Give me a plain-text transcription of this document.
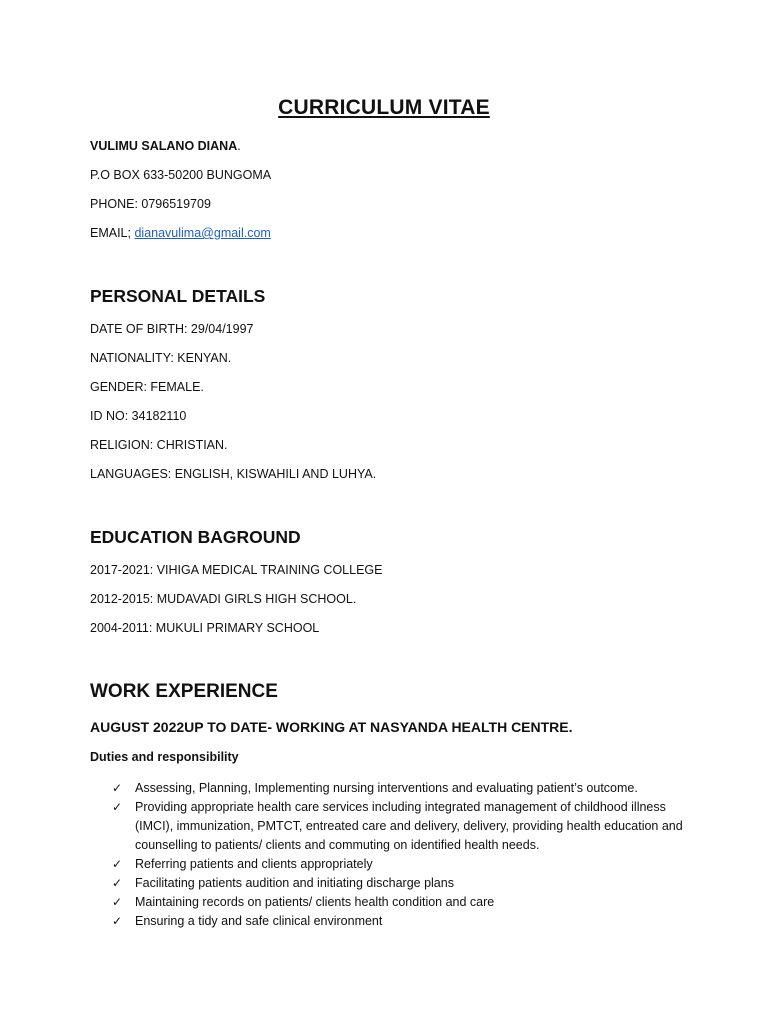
CURRICULUM VITAE

VULIMU SALANO DIANA.

P.O BOX 633-50200 BUNGOMA

PHONE: 0796519709

EMAIL; dianavulima@gmail.com

PERSONAL DETAILS

DATE OF BIRTH: 29/04/1997

NATIONALITY: KENYAN.

GENDER: FEMALE.

ID NO: 34182110

RELIGION: CHRISTIAN.

LANGUAGES: ENGLISH, KISWAHILI AND LUHYA.

EDUCATION BAGROUND

2017-2021: VIHIGA MEDICAL TRAINING COLLEGE

2012-2015: MUDAVADI GIRLS HIGH SCHOOL.

2004-2011: MUKULI PRIMARY SCHOOL

WORK EXPERIENCE

AUGUST 2022UP TO DATE- WORKING AT NASYANDA HEALTH CENTRE.

Duties and responsibility

✓ Assessing, Planning, Implementing nursing interventions and evaluating patient’s outcome.
✓ Providing appropriate health care services including integrated management of childhood illness (IMCI), immunization, PMTCT, entreated care and delivery, delivery, providing health education and counselling to patients/ clients and commuting on identified health needs.
✓ Referring patients and clients appropriately
✓ Facilitating patients audition and initiating discharge plans
✓ Maintaining records on patients/ clients health condition and care
✓ Ensuring a tidy and safe clinical environment
